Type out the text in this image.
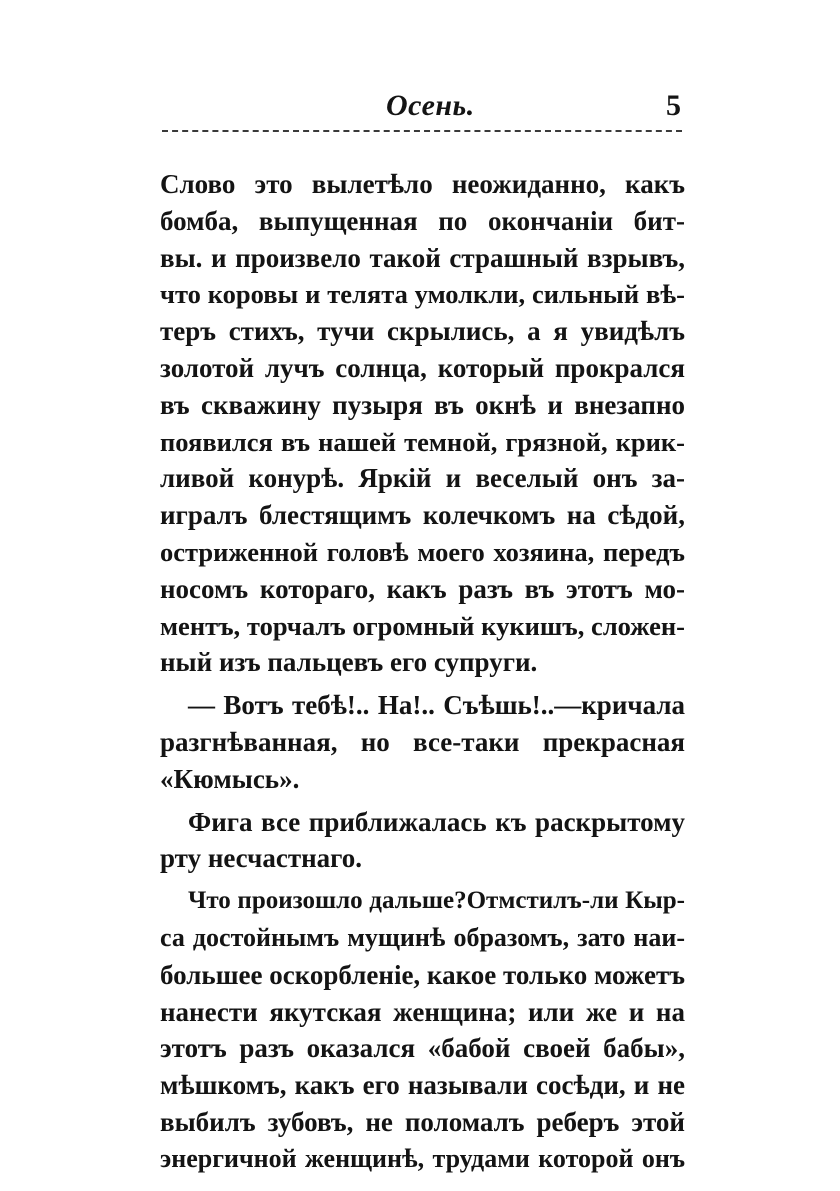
Осень.	5
Слово это вылетѣло неожиданно, какъ
бомба, выпущенная по окончанiи бит-
вы. и произвело такой страшный взрывъ,
что коровы и телята умолкли, сильный вѣ-
теръ стихъ, тучи скрылись, а я увидѣлъ
золотой лучъ солнца, который прокрался
въ скважину пузыря въ окнѣ и внезапно
появился въ нашей темной, грязной, крик-
ливой конурѣ. Яркiй и веселый онъ за-
игралъ блестящимъ колечкомъ на сѣдой,
остриженной головѣ моего хозяина, передъ
носомъ котораго, какъ разъ въ этотъ мо-
ментъ, торчалъ огромный кукишъ, сложен-
ный изъ пальцевъ его супруги.
— Вотъ тебѣ!.. На!.. Съѣшь!..—кричала
разгнѣванная, но все-таки прекрасная
«Кюмысь».
Фига все приближалась къ раскрытому
рту несчастнаго.
Что произошло дальше?Отмстилъ-ли Кыр-
са достойнымъ мущинѣ образомъ, зато наи-
большее оскорбленiе, какое только можетъ
нанести якутская женщина; или же и на
этотъ разъ оказался «бабой своей бабы»,
мѣшкомъ, какъ его называли сосѣди, и не
выбилъ зубовъ, не поломалъ реберъ этой
энергичной женщинѣ, трудами которой онъ
